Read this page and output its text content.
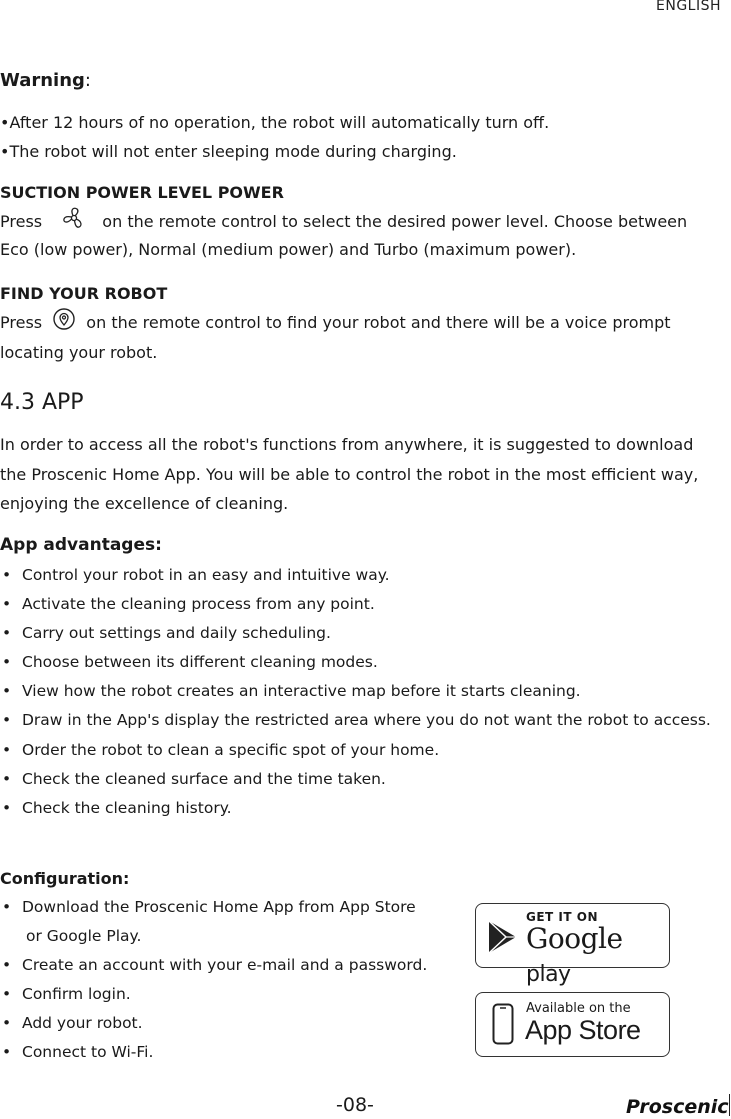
ENGLISH
Warning:
•After 12 hours of no operation, the robot will automatically turn off.
•The robot will not enter sleeping mode during charging.
SUCTION POWER LEVEL POWER
Press	on the remote control to select the desired power level. Choose between
Eco (low power), Normal (medium power) and Turbo (maximum power).
FIND YOUR ROBOT
Press	on the remote control to find your robot and there will be a voice prompt
locating your robot.
4.3 APP
In order to access all the robot's functions from anywhere, it is suggested to download
the Proscenic Home App. You will be able to control the robot in the most efficient way,
enjoying the excellence of cleaning.
App advantages:
• Control your robot in an easy and intuitive way.
• Activate the cleaning process from any point.
• Carry out settings and daily scheduling.
• Choose between its different cleaning modes.
• View how the robot creates an interactive map before it starts cleaning.
• Draw in the App's display the restricted area where you do not want the robot to access.
• Order the robot to clean a specific spot of your home.
• Check the cleaned surface and the time taken.
• Check the cleaning history.
Configuration:
• Download the Proscenic Home App from App Store
or Google Play.
• Create an account with your e-mail and a password.
• Confirm login.
• Add your robot.
• Connect to Wi-Fi.
GET IT ON
Google play
Available on the
App Store
-08-	Proscenic
